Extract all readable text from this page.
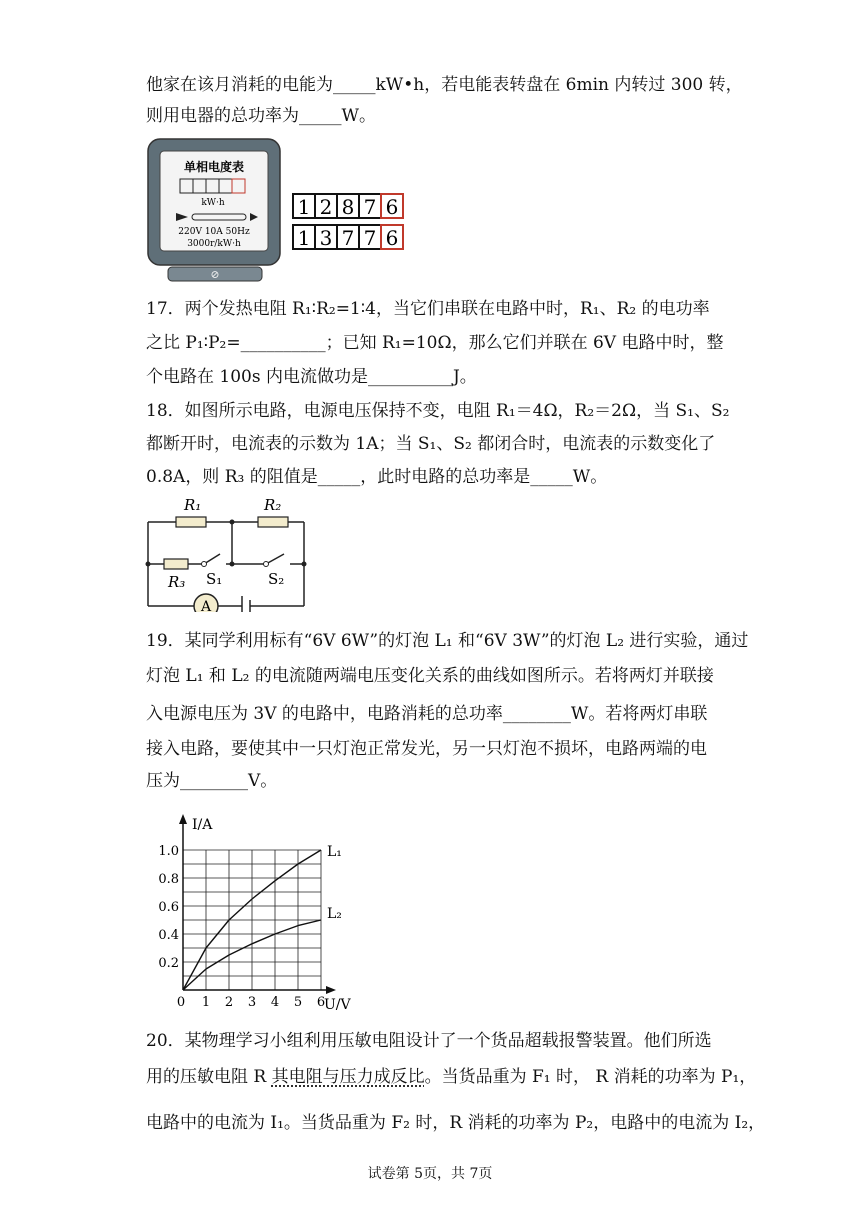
他家在该月消耗的电能为_____kW•h，若电能表转盘在 6min 内转过 300 转，
则用电器的总功率为_____W。
⊘
单相电度表
kW·h
220V 10A 50Hz
3000r/kW·h
1 2 8 7 6
1 3 7 7 6
17．两个发热电阻 R₁∶R₂=1∶4，当它们串联在电路中时，R₁、R₂ 的电功率
之比 P₁∶P₂=__________；已知 R₁=10Ω，那么它们并联在 6V 电路中时，整
个电路在 100s 内电流做功是__________J。
18．如图所示电路，电源电压保持不变，电阻 R₁＝4Ω，R₂＝2Ω，当 S₁、S₂
都断开时，电流表的示数为 1A；当 S₁、S₂ 都闭合时，电流表的示数变化了
0.8A，则 R₃ 的阻值是_____，此时电路的总功率是_____W。
A
R₁	R₂
R₃ S₁	S₂
19．某同学利用标有“6V 6W”的灯泡 L₁ 和“6V 3W”的灯泡 L₂ 进行实验，通过
灯泡 L₁ 和 L₂ 的电流随两端电压变化关系的曲线如图所示。若将两灯并联接
入电源电压为 3V 的电路中，电路消耗的总功率________W。若将两灯串联
接入电路，要使其中一只灯泡正常发光，另一只灯泡不损坏，电路两端的电
压为________V。
I/A
U/V
0 1 2 3 4 5 6
0.2
0.4
0.6
0.8
1.0	L₁
L₂
20．某物理学习小组利用压敏电阻设计了一个货品超载报警装置。他们所选
用的压敏电阻 R 其电阻与压力成反比。当货品重为 F₁ 时， R 消耗的功率为 P₁，
电路中的电流为 I₁。当货品重为 F₂ 时，R 消耗的功率为 P₂，电路中的电流为 I₂，
试卷第 5页，共 7页
